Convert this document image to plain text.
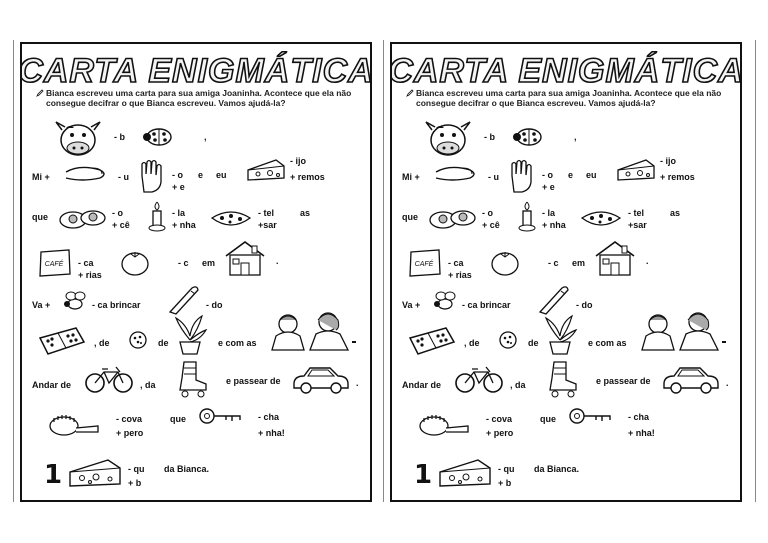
CARTA ENIGMÁTICA
Bianca escreveu uma carta para sua amiga Joaninha. Acontece que ela não
consegue decifrar o que Bianca escreveu. Vamos ajudá-la?
- b	,
Mi +	- u	- o e eu
+ e
- ijo
+ remos
que	- o
+ cê
- la
+ nha
- tel
+sar
as
CAFÉ - ca
+ rias
- c em	.
Va +	- ca brincar	- do
, de	de	e com as
Andar de	, da	e passear de	.
- cova
+ pero
que	- cha
+ nha!
1	- qu
+ b
da Bianca.
CARTA ENIGMÁTICA
Bianca escreveu uma carta para sua amiga Joaninha. Acontece que ela não
consegue decifrar o que Bianca escreveu. Vamos ajudá-la?
- b	,
Mi +	- u	- o e eu
+ e
- ijo
+ remos
que	- o
+ cê
- la
+ nha
- tel
+sar
as
CAFÉ - ca
+ rias
- c em	.
Va +	- ca brincar	- do
, de	de	e com as
Andar de	, da	e passear de	.
- cova
+ pero
que	- cha
+ nha!
1	- qu
+ b
da Bianca.
